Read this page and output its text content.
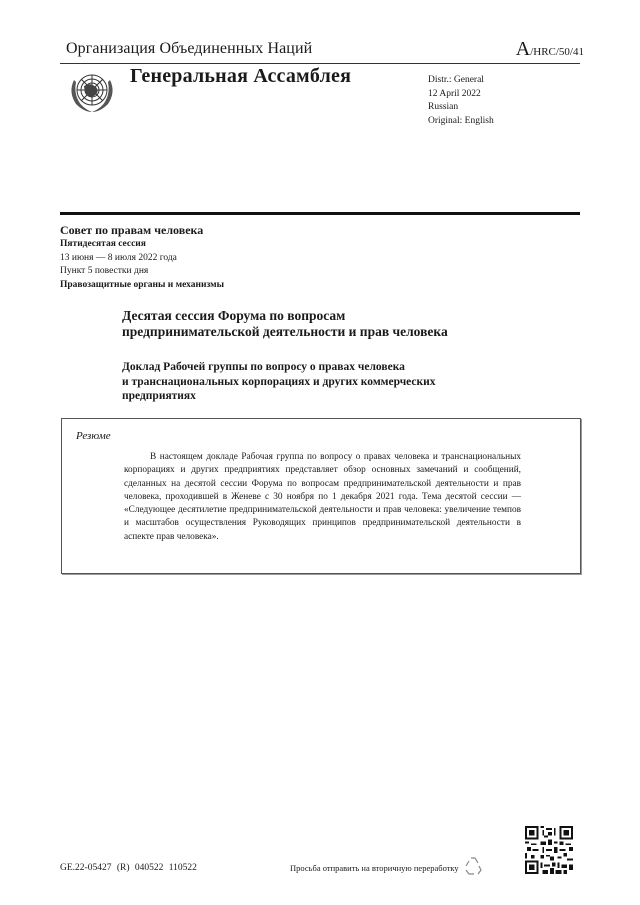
Организация Объединенных Наций	A/HRC/50/41
Генеральная Ассамблея	Distr.: General
12 April 2022
Russian
Original: English
Совет по правам человека
Пятидесятая сессия
13 июня — 8 июля 2022 года
Пункт 5 повестки дня
Правозащитные органы и механизмы
Десятая сессия Форума по вопросам
предпринимательской деятельности и прав человека
Доклад Рабочей группы по вопросу о правах человека
и транснациональных корпорациях и других коммерческих
предприятиях
Резюме
В настоящем докладе Рабочая группа по вопросу о правах человека и транснациональных корпорациях и других предприятиях представляет обзор основных замечаний и сообщений, сделанных на десятой сессии Форума по вопросам предпринимательской деятельности и прав человека, проходившей в Женеве с 30 ноября по 1 декабря 2021 года. Тема десятой сессии — «Следующее десятилетие предпринимательской деятельности и прав человека: увеличение темпов и масштабов осуществления Руководящих принципов предпринимательской деятельности в аспекте прав человека».
GE.22-05427 (R) 040522 110522	Просьба отправить на вторичную переработку
